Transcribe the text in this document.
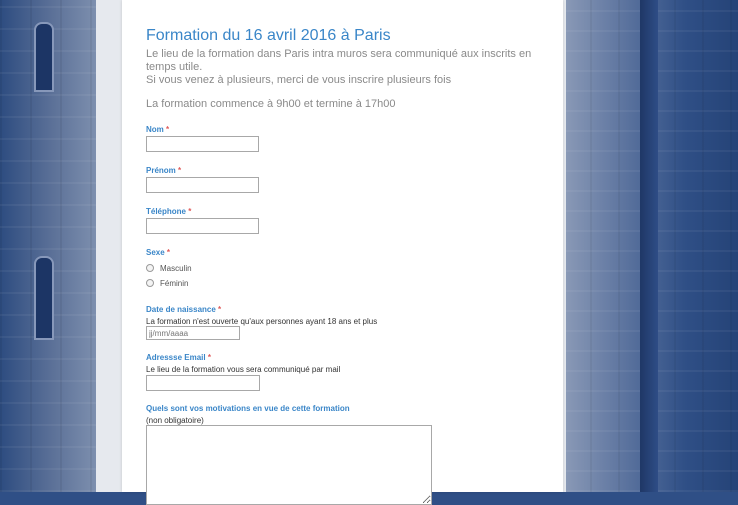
Formation du 16 avril 2016 à Paris
Le lieu de la formation dans Paris intra muros sera communiqué aux inscrits en temps utile.
Si vous venez à plusieurs, merci de vous inscrire plusieurs fois
La formation commence à 9h00 et termine à 17h00
Nom *
Prénom *
Téléphone *
Sexe *
Masculin
Féminin
Date de naissance *
La formation n'est ouverte qu'aux personnes ayant 18 ans et plus
jj/mm/aaaa
Adressse Email *
Le lieu de la formation vous sera communiqué par mail
Quels sont vos motivations en vue de cette formation
(non obligatoire)
